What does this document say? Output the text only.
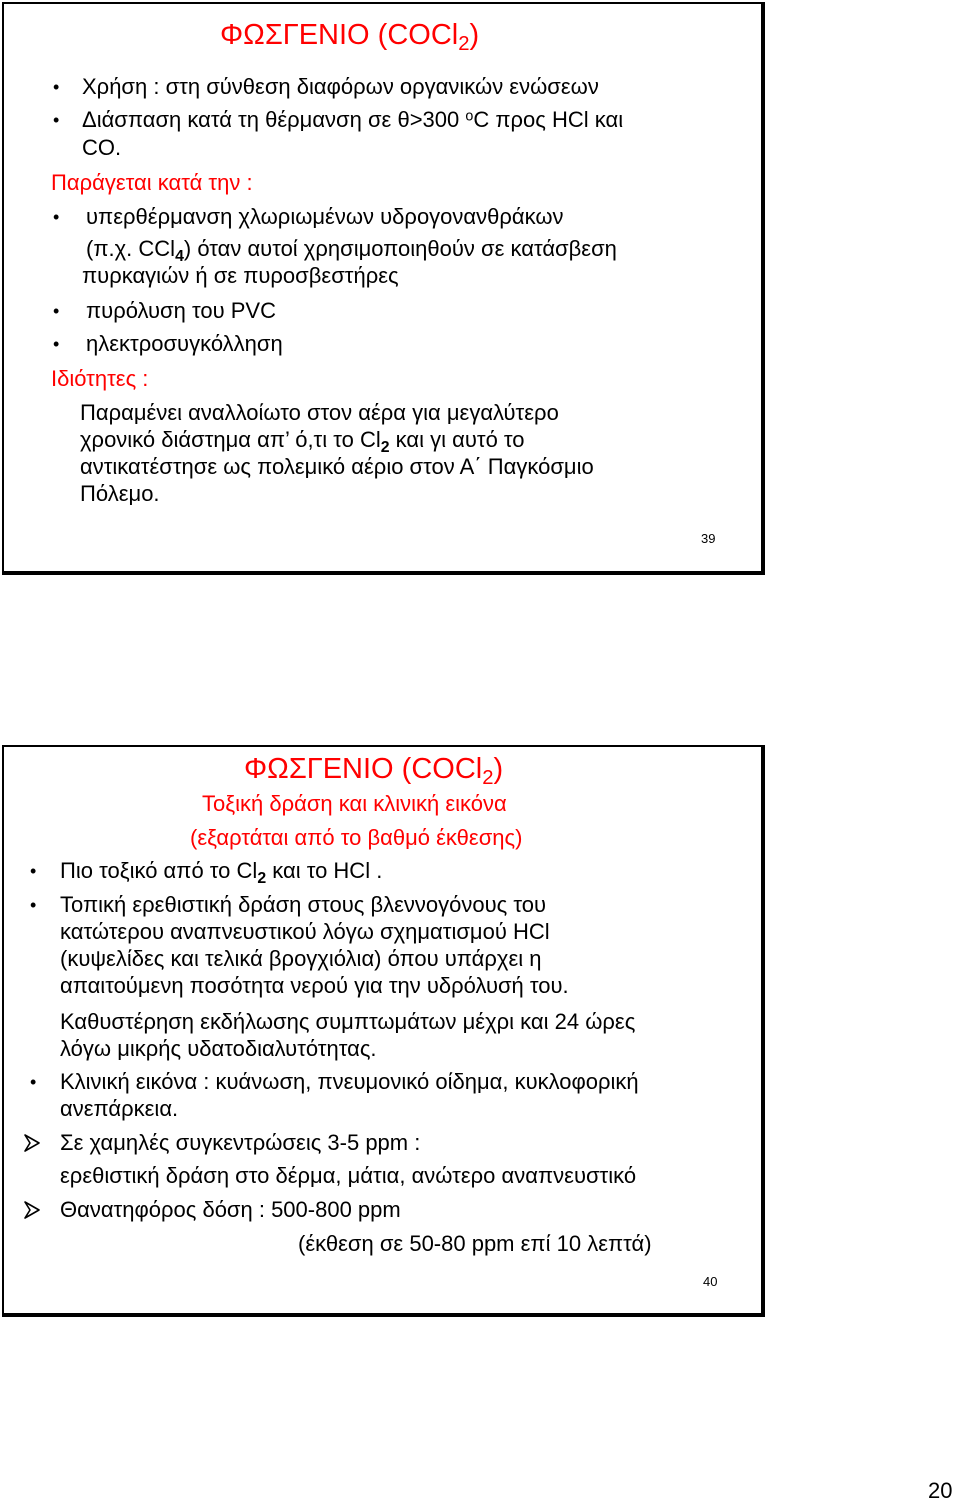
ΦΩΣΓΕΝΙΟ (COCl$_2$)
• Χρήση : στη σύνθεση διαφόρων οργανικών ενώσεων
• Διάσπαση κατά τη θέρμανση σε θ>300 $^o$C προς HCl και
CO.
Παράγεται κατά την :
• υπερθέρμανση χλωριωμένων υδρογονανθράκων
(π.χ. CCl$_4$) όταν αυτοί χρησιμοποιηθούν σε κατάσβεση
πυρκαγιών ή σε πυροσβεστήρες
• πυρόλυση του PVC
• ηλεκτροσυγκόλληση
Ιδιότητες :
Παραμένει αναλλοίωτο στον αέρα για μεγαλύτερο
χρονικό διάστημα απ’ ό,τι το $Cl_2$ και γι αυτό το
αντικατέστησε ως πολεμικό αέριο στον Α΄ Παγκόσμιο
Πόλεμο.
39
ΦΩΣΓΕΝΙΟ (COCl$_2$)
Τοξική δράση και κλινική εικόνα
(εξαρτάται από το βαθμό έκθεσης)
• Πιο τοξικό από το $Cl_2$ και το HCl .
• Τοπική ερεθιστική δράση στους βλεννογόνους του
κατώτερου αναπνευστικού λόγω σχηματισμού HCl
(κυψελίδες και τελικά βρογχιόλια) όπου υπάρχει η
απαιτούμενη ποσότητα νερού για την υδρόλυσή του.
Καθυστέρηση εκδήλωσης συμπτωμάτων μέχρι και 24 ώρες
λόγω μικρής υδατοδιαλυτότητας.
• Κλινική εικόνα : κυάνωση, πνευμονικό οίδημα, κυκλοφορική
ανεπάρκεια.
Σε χαμηλές συγκεντρώσεις 3-5 ppm :
ερεθιστική δράση στο δέρμα, μάτια, ανώτερο αναπνευστικό
Θανατηφόρος δόση : 500-800 ppm
(έκθεση σε 50-80 ppm επί 10 λεπτά)
40
20
